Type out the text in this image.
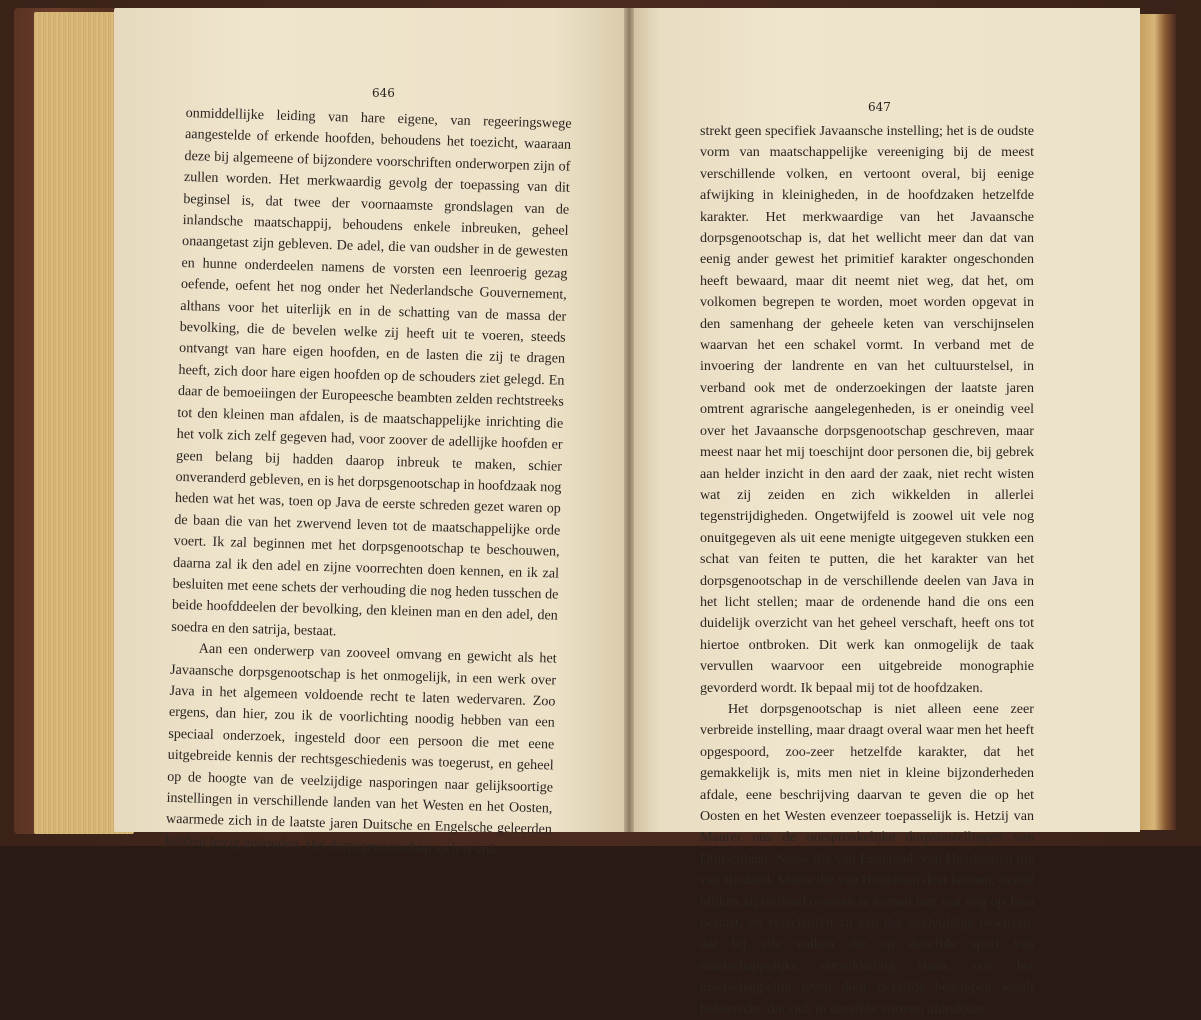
646

onmiddellijke leiding van hare eigene, van regeeringswege aangestelde of erkende hoofden, behoudens het toezicht, waaraan deze bij algemeene of bijzondere voorschriften onderworpen zijn of zullen worden. Het merkwaardig gevolg der toepassing van dit beginsel is, dat twee der voornaamste grondslagen van de inlandsche maatschappij, behoudens enkele inbreuken, geheel onaangetast zijn gebleven. De adel, die van oudsher in de gewesten en hunne onderdeelen namens de vorsten een leenroerig gezag oefende, oefent het nog onder het Nederlandsche Gouvernement, althans voor het uiterlijk en in de schatting van de massa der bevolking, die de bevelen welke zij heeft uit te voeren, steeds ontvangt van hare eigen hoofden, en de lasten die zij te dragen heeft, zich door hare eigen hoofden op de schouders ziet gelegd. En daar de bemoeiingen der Europeesche beambten zelden rechtstreeks tot den kleinen man afdalen, is de maatschappelijke inrichting die het volk zich zelf gegeven had, voor zoover de adellijke hoofden er geen belang bij hadden daarop inbreuk te maken, schier onveranderd gebleven, en is het dorpsgenootschap in hoofdzaak nog heden wat het was, toen op Java de eerste schreden gezet waren op de baan die van het zwervend leven tot de maatschappelijke orde voert. Ik zal beginnen met het dorpsgenootschap te beschouwen, daarna zal ik den adel en zijne voorrechten doen kennen, en ik zal besluiten met eene schets der verhouding die nog heden tusschen de beide hoofddeelen der bevolking, den kleinen man en den adel, den soedra en den satrija, bestaat.

Aan een onderwerp van zooveel omvang en gewicht als het Javaansche dorpsgenootschap is het onmogelijk, in een werk over Java in het algemeen voldoende recht te laten wedervaren. Zoo ergens, dan hier, zou ik de voorlichting noodig hebben van een speciaal onderzoek, ingesteld door een persoon die met eene uitgebreide kennis der rechtsgeschiedenis was toegerust, en geheel op de hoogte van de veelzijdige nasporingen naar gelijksoortige instellingen in verschillende landen van het Westen en het Oosten, waarmede zich in de laatste jaren Duitsche en Engelsche geleerden hebben bezig gehouden. Het dorpsgenootschap toch is vol-

647

strekt geen specifiek Javaansche instelling; het is de oudste vorm van maatschappelijke vereeniging bij de meest verschillende volken, en vertoont overal, bij eenige afwijking in kleinigheden, in de hoofdzaken hetzelfde karakter. Het merkwaardige van het Javaansche dorpsgenootschap is, dat het wellicht meer dan dat van eenig ander gewest het primitief karakter ongeschonden heeft bewaard, maar dit neemt niet weg, dat het, om volkomen begrepen te worden, moet worden opgevat in den samenhang der geheele keten van verschijnselen waarvan het een schakel vormt. In verband met de invoering der landrente en van het cultuurstelsel, in verband ook met de onderzoekingen der laatste jaren omtrent agrarische aangelegenheden, is er oneindig veel over het Javaansche dorpsgenootschap geschreven, maar meest naar het mij toeschijnt door personen die, bij gebrek aan helder inzicht in den aard der zaak, niet recht wisten wat zij zeiden en zich wikkelden in allerlei tegenstrijdigheden. Ongetwijfeld is zoowel uit vele nog onuitgegeven als uit eene menigte uitgegeven stukken een schat van feiten te putten, die het karakter van het dorpsgenootschap in de verschillende deelen van Java in het licht stellen; maar de ordenende hand die ons een duidelijk overzicht van het geheel verschaft, heeft ons tot hiertoe ontbroken. Dit werk kan onmogelijk de taak vervullen waarvoor een uitgebreide monographie gevorderd wordt. Ik bepaal mij tot de hoofdzaken.

Het dorpsgenootschap is niet alleen eene zeer verbreide instelling, maar draagt overal waar men het heeft opgespoord, zoo-zeer hetzelfde karakter, dat het gemakkelijk is, mits men niet in kleine bijzonderheden afdale, eene beschrijving daarvan te geven die op het Oosten en het Westen evenzeer toepasselijk is. Hetzij van Maurer ons de oorspronkelijke dorpsinstellingen van Duitschland, Nasse die van Engeland, von Haxthausen die van Rusland, Maine die van Hindostan doet kennen, overal blijken zij treffend overeen te komen met wat nog op Java bestaat, en verschaffen zij een der veelvuldige bewijzen, dat bij alle volken die op dezelfde sport van maatschappelijke ontwikkeling staan, ook het maatschappelijk leven door dezelfde begrippen wordt beheerscht, die zich in dezelfde vormen afdrukken.
